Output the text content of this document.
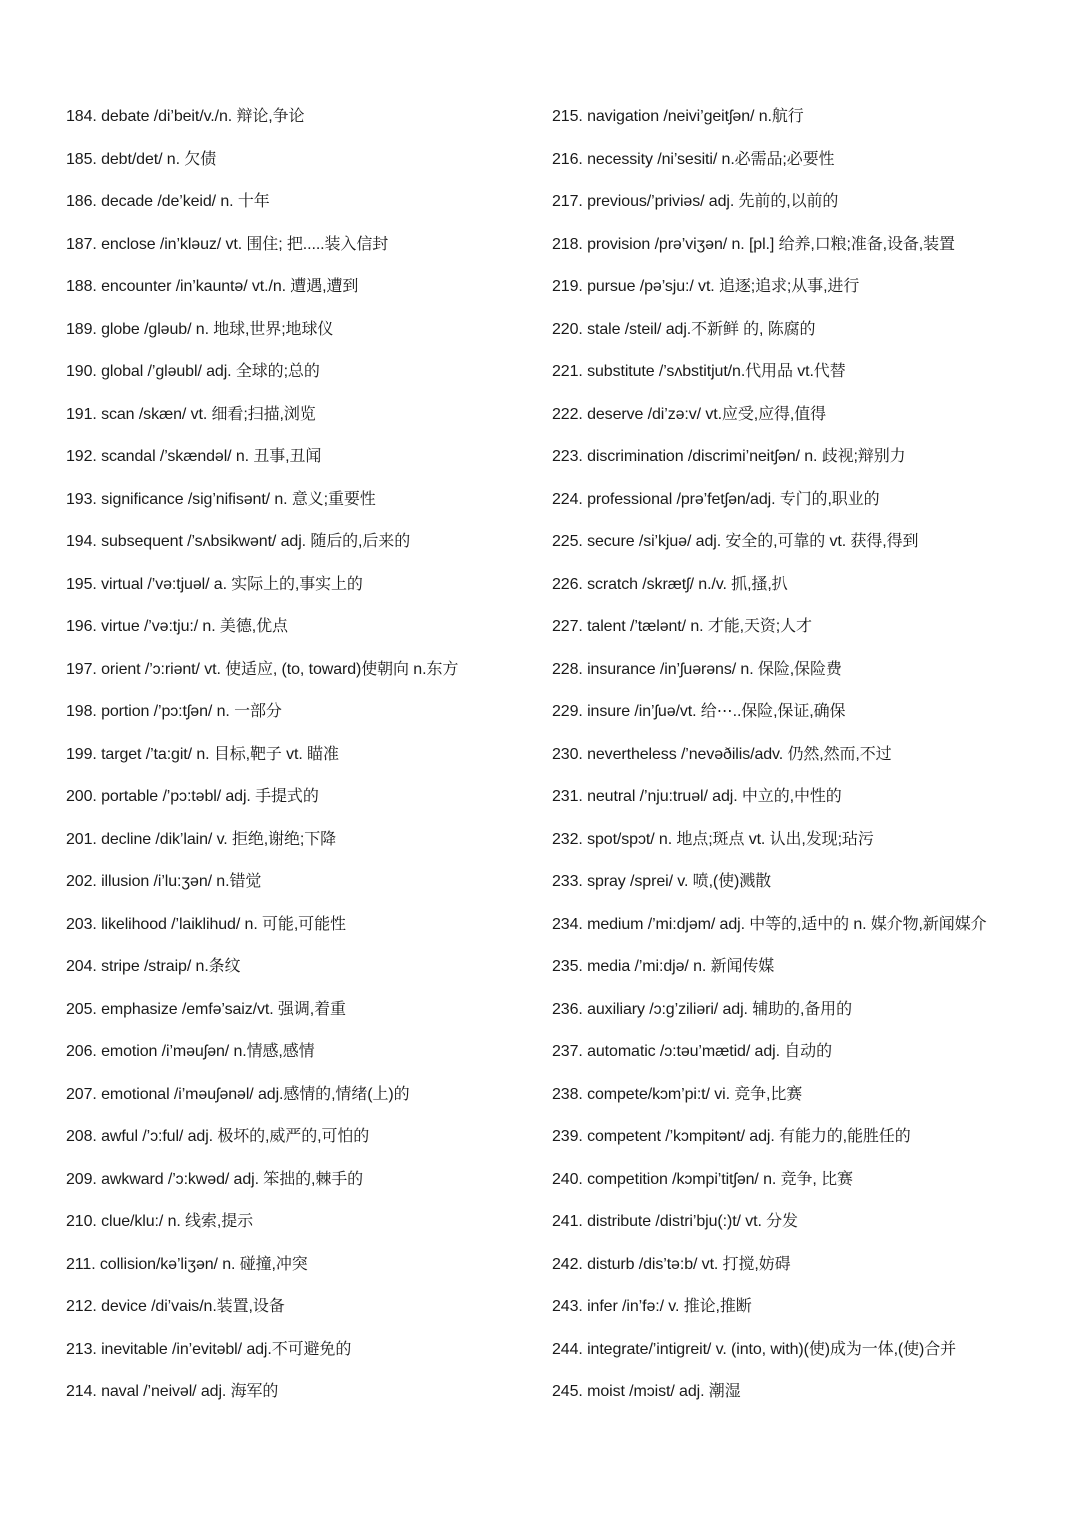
184. debate /di’beit/v./n. 辩论,争论
185. debt/det/ n. 欠债
186. decade /de’keid/ n. 十年
187. enclose /in’kləuz/ vt. 围住; 把.....装入信封
188. encounter /in’kauntə/ vt./n. 遭遇,遭到
189. globe /gləub/ n. 地球,世界;地球仪
190. global /’gləubl/ adj. 全球的;总的
191. scan /skæn/ vt. 细看;扫描,浏览
192. scandal /’skændəl/ n. 丑事,丑闻
193. significance /sig’nifisənt/ n. 意义;重要性
194. subsequent /’sʌbsikwənt/ adj. 随后的,后来的
195. virtual /’və:tjuəl/ a. 实际上的,事实上的
196. virtue /’və:tju:/ n. 美德,优点
197. orient /’ɔ:riənt/ vt. 使适应, (to, toward)使朝向 n.东方
198. portion /’pɔ:tʃən/ n. 一部分
199. target /’ta:git/ n. 目标,靶子 vt. 瞄准
200. portable /’pɔ:təbl/ adj. 手提式的
201. decline /dik’lain/ v. 拒绝,谢绝;下降
202. illusion /i’lu:ʒən/ n.错觉
203. likelihood /’laiklihud/ n. 可能,可能性
204. stripe /straip/ n.条纹
205. emphasize /emfə’saiz/vt. 强调,着重
206. emotion /i’məuʃən/ n.情感,感情
207. emotional /i’məuʃənəl/ adj.感情的,情绪(上)的
208. awful /’ɔ:ful/ adj. 极坏的,威严的,可怕的
209. awkward /’ɔ:kwəd/ adj. 笨拙的,棘手的
210. clue/klu:/ n. 线索,提示
211. collision/kə’liʒən/ n. 碰撞,冲突
212. device /di’vais/n.装置,设备
213. inevitable /in’evitəbl/ adj.不可避免的
214. naval /’neivəl/ adj. 海军的
215. navigation /neivi’geitʃən/ n.航行
216. necessity /ni’sesiti/ n.必需品;必要性
217. previous/’priviəs/ adj. 先前的,以前的
218. provision /prə’viʒən/ n. [pl.] 给养,口粮;准备,设备,装置
219. pursue /pə’sju:/ vt. 追逐;追求;从事,进行
220. stale /steil/ adj.不新鲜 的, 陈腐的
221. substitute /’sʌbstitjut/n.代用品 vt.代替
222. deserve /di’zə:v/ vt.应受,应得,值得
223. discrimination /discrimi’neitʃən/ n. 歧视;辩别力
224. professional /prə’fetʃən/adj. 专门的,职业的
225. secure /si’kjuə/ adj. 安全的,可靠的 vt. 获得,得到
226. scratch /skrætʃ/ n./v. 抓,搔,扒
227. talent /’tælənt/ n. 才能,天资;人才
228. insurance /in’ʃuərəns/ n. 保险,保险费
229. insure /in’ʃuə/vt. 给⋯..保险,保证,确保
230. nevertheless /’nevəðilis/adv. 仍然,然而,不过
231. neutral /’nju:truəl/ adj. 中立的,中性的
232. spot/spɔt/ n. 地点;斑点 vt. 认出,发现;玷污
233. spray /sprei/ v. 喷,(使)溅散
234. medium /’mi:djəm/ adj. 中等的,适中的 n. 媒介物,新闻媒介
235. media /’mi:djə/ n. 新闻传媒
236. auxiliary /ɔ:g’ziliəri/ adj. 辅助的,备用的
237. automatic /ɔ:təu’mætid/ adj. 自动的
238. compete/kɔm’pi:t/ vi. 竞争,比赛
239. competent /’kɔmpitənt/ adj. 有能力的,能胜任的
240. competition /kɔmpi’titʃən/ n. 竞争, 比赛
241. distribute /distri’bju(:)t/ vt. 分发
242. disturb /dis’tə:b/ vt. 打搅,妨碍
243. infer /in’fə:/ v. 推论,推断
244. integrate/’intigreit/ v. (into, with)(使)成为一体,(使)合并
245. moist /mɔist/ adj. 潮湿
